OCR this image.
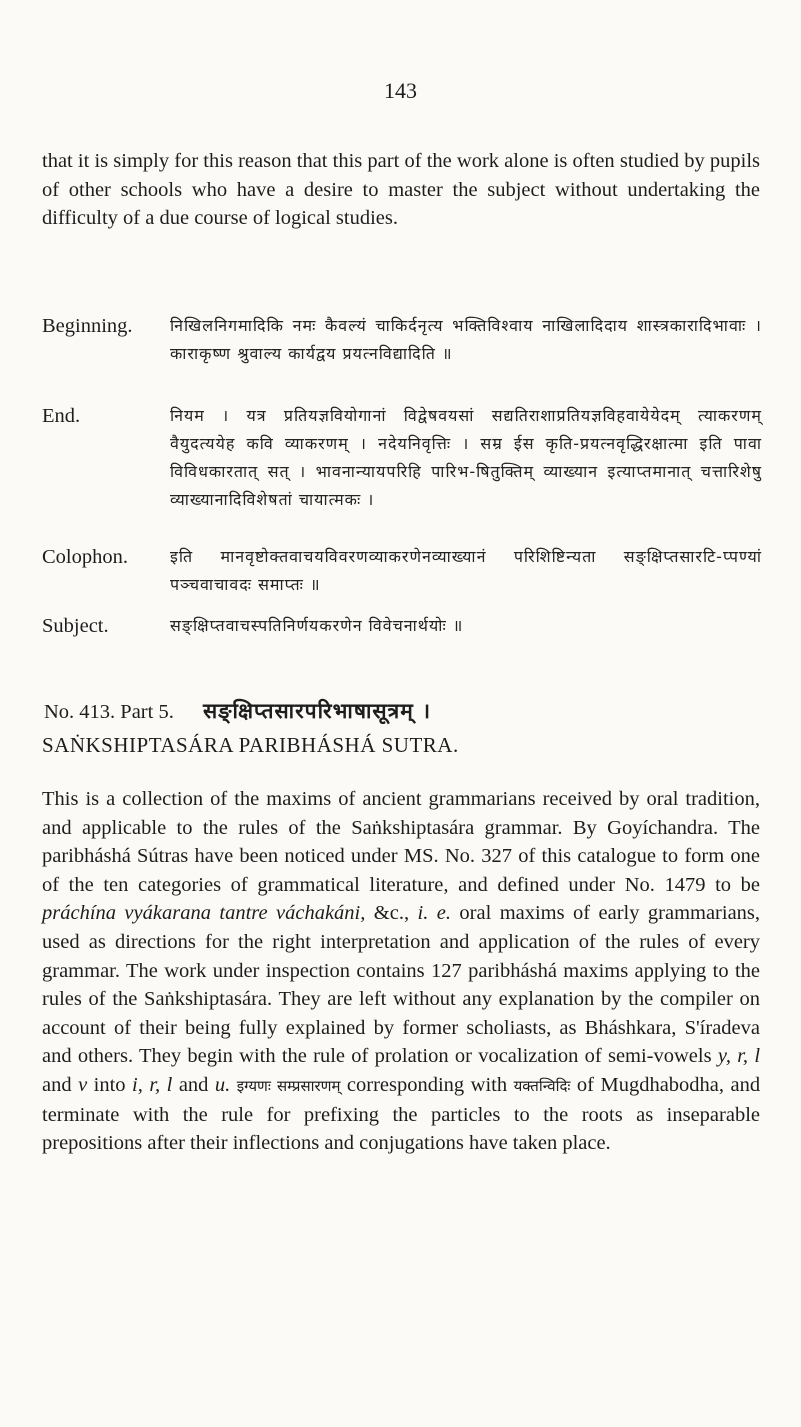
143
that it is simply for this reason that this part of the work alone is often studied by pupils of other schools who have a desire to master the subject without undertaking the difficulty of a due course of logical studies.
Beginning. निखिलनिगमादिकि नमः कैवल्यं चाकिर्दनृत्य भक्तिविश्वाय नाखिलादिदाय शास्त्रकारादिभावाः । काराकृष्ण श्रुवाल्य कार्यद्वय प्रयत्नविद्यादिति ॥
End.	नियम । यत्र प्रतियज्ञवियोगानां विद्वेषवयसां सद्यतिराशाप्रतियज्ञविहवायेयेदम् त्याकरणम् वैयुदत्ययेह कवि व्याकरणम् । नदेयनिवृत्तिः । सम्र ईस कृति-प्रयत्नवृद्धिरक्षात्मा इति पावा विविधकारतात् सत् । भावनान्यायपरिहि पारिभ-षितुक्तिम् व्याख्यान इत्याप्तमानात् चत्तारिशेषु व्याख्यानादिविशेषतां चायात्मकः ।
Colophon.	इति मानवृष्टोक्तवाचयविवरणव्याकरणेनव्याख्यानं परिशिष्टिन्यता सङ्क्षिप्तसारटि-प्पण्यां पञ्चवाचावदः समाप्तः ॥
Subject.	सङ्क्षिप्तवाचस्पतिनिर्णयकरणेन विवेचनार्थयोः ॥
No. 413. Part 5. सङ्क्षिप्तसारपरिभाषासूत्रम् ।
SAṄKSHIPTASÁRA PARIBHÁSHÁ SUTRA.
This is a collection of the maxims of ancient grammarians received by oral tradition, and applicable to the rules of the Saṅkshiptasára grammar. By Goyíchandra. The paribháshá Sútras have been noticed under MS. No. 327 of this catalogue to form one of the ten categories of grammatical literature, and defined under No. 1479 to be práchína vyákarana tantre váchakáni, &c., i. e. oral maxims of early grammarians, used as directions for the right interpretation and application of the rules of every grammar. The work under inspection contains 127 paribháshá maxims applying to the rules of the Saṅkshiptasára. They are left without any explanation by the compiler on account of their being fully explained by former scholiasts, as Bháshkara, S'íradeva and others. They begin with the rule of prolation or vocalization of semi-vowels y, r, l and v into i, r, l and u. इग्यणः सम्प्रसारणम् corresponding with यक्तन्विदिः of Mugdhabodha, and terminate with the rule for prefixing the particles to the roots as inseparable prepositions after their inflections and conjugations have taken place.
